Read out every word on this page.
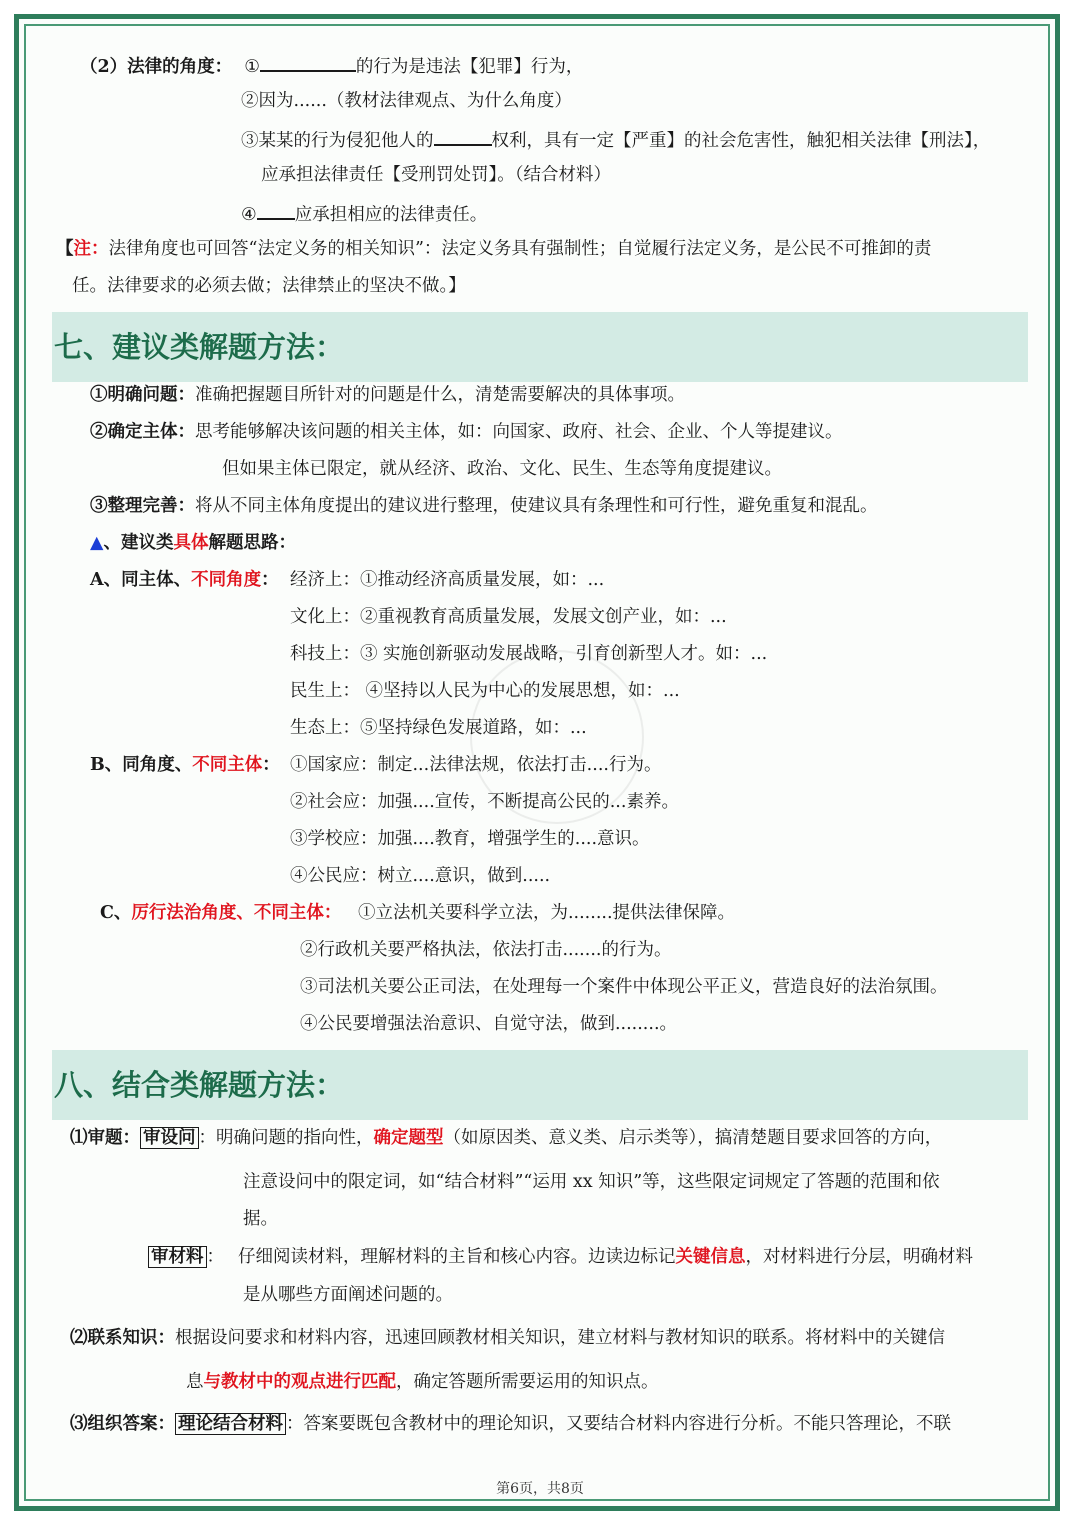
（2）法律的角度： ①	的行为是违法【犯罪】行为，
②因为......（教材法律观点、为什么角度）
③某某的行为侵犯他人的	权利，具有一定【严重】的社会危害性，触犯相关法律【刑法】，
应承担法律责任【受刑罚处罚】。（结合材料）
④ 应承担相应的法律责任。
【注：法律角度也可回答“法定义务的相关知识”：法定义务具有强制性；自觉履行法定义务，是公民不可推卸的责
任。法律要求的必须去做；法律禁止的坚决不做。】
七、建议类解题方法：
①明确问题：准确把握题目所针对的问题是什么，清楚需要解决的具体事项。
②确定主体：思考能够解决该问题的相关主体，如：向国家、政府、社会、企业、个人等提建议。
但如果主体已限定，就从经济、政治、文化、民生、生态等角度提建议。
③整理完善：将从不同主体角度提出的建议进行整理，使建议具有条理性和可行性，避免重复和混乱。
▲、建议类具体解题思路：
A、同主体、不同角度： 经济上：①推动经济高质量发展，如：...
文化上：②重视教育高质量发展，发展文创产业，如：...
科技上：③ 实施创新驱动发展战略，引育创新型人才。如：...
民生上： ④坚持以人民为中心的发展思想，如：...
生态上：⑤坚持绿色发展道路，如：...
B、同角度、不同主体： ①国家应：制定...法律法规，依法打击....行为。
②社会应：加强....宣传，不断提高公民的...素养。
③学校应：加强....教育，增强学生的....意识。
④公民应：树立....意识，做到.....
C、厉行法治角度、不同主体： ①立法机关要科学立法，为........提供法律保障。
②行政机关要严格执法，依法打击.......的行为。
③司法机关要公正司法，在处理每一个案件中体现公平正义，营造良好的法治氛围。
④公民要增强法治意识、自觉守法，做到........。
八、结合类解题方法：
⑴审题： 审设问 ：明确问题的指向性，确定题型（如原因类、意义类、启示类等），搞清楚题目要求回答的方向，
注意设问中的限定词，如“结合材料”“运用 xx 知识”等，这些限定词规定了答题的范围和依
据。
审材料 ： 仔细阅读材料，理解材料的主旨和核心内容。边读边标记关键信息，对材料进行分层，明确材料
是从哪些方面阐述问题的。
⑵联系知识：根据设问要求和材料内容，迅速回顾教材相关知识，建立材料与教材知识的联系。将材料中的关键信
息与教材中的观点进行匹配，确定答题所需要运用的知识点。
⑶组织答案： 理论结合材料 ：答案要既包含教材中的理论知识，又要结合材料内容进行分析。不能只答理论，不联
第6页，共8页
